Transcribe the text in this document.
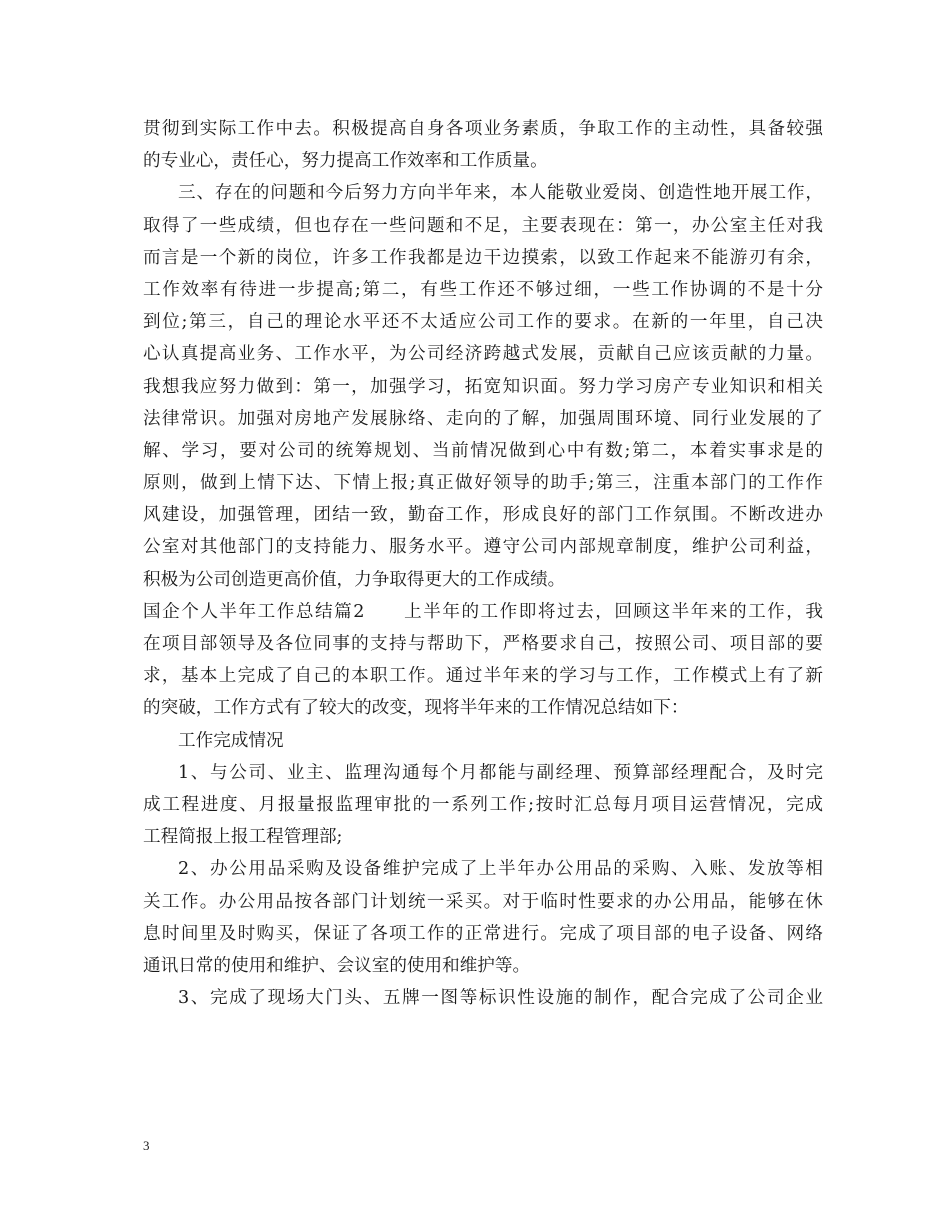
贯彻到实际工作中去。积极提高自身各项业务素质，争取工作的主动性，具备较强
的专业心，责任心，努力提高工作效率和工作质量。
三、存在的问题和今后努力方向半年来，本人能敬业爱岗、创造性地开展工作，
取得了一些成绩，但也存在一些问题和不足，主要表现在：第一，办公室主任对我
而言是一个新的岗位，许多工作我都是边干边摸索，以致工作起来不能游刃有余，
工作效率有待进一步提高;第二，有些工作还不够过细，一些工作协调的不是十分
到位;第三，自己的理论水平还不太适应公司工作的要求。在新的一年里，自己决
心认真提高业务、工作水平，为公司经济跨越式发展，贡献自己应该贡献的力量。
我想我应努力做到：第一，加强学习，拓宽知识面。努力学习房产专业知识和相关
法律常识。加强对房地产发展脉络、走向的了解，加强周围环境、同行业发展的了
解、学习，要对公司的统筹规划、当前情况做到心中有数;第二，本着实事求是的
原则，做到上情下达、下情上报;真正做好领导的助手;第三，注重本部门的工作作
风建设，加强管理，团结一致，勤奋工作，形成良好的部门工作氛围。不断改进办
公室对其他部门的支持能力、服务水平。遵守公司内部规章制度，维护公司利益，
积极为公司创造更高价值，力争取得更大的工作成绩。
国企个人半年工作总结篇2　　上半年的工作即将过去，回顾这半年来的工作，我
在项目部领导及各位同事的支持与帮助下，严格要求自己，按照公司、项目部的要
求，基本上完成了自己的本职工作。通过半年来的学习与工作，工作模式上有了新
的突破，工作方式有了较大的改变，现将半年来的工作情况总结如下：
工作完成情况
1、与公司、业主、监理沟通每个月都能与副经理、预算部经理配合，及时完
成工程进度、月报量报监理审批的一系列工作;按时汇总每月项目运营情况，完成
工程简报上报工程管理部;
2、办公用品采购及设备维护完成了上半年办公用品的采购、入账、发放等相
关工作。办公用品按各部门计划统一采买。对于临时性要求的办公用品，能够在休
息时间里及时购买，保证了各项工作的正常进行。完成了项目部的电子设备、网络
通讯日常的使用和维护、会议室的使用和维护等。
3、完成了现场大门头、五牌一图等标识性设施的制作，配合完成了公司企业
3
